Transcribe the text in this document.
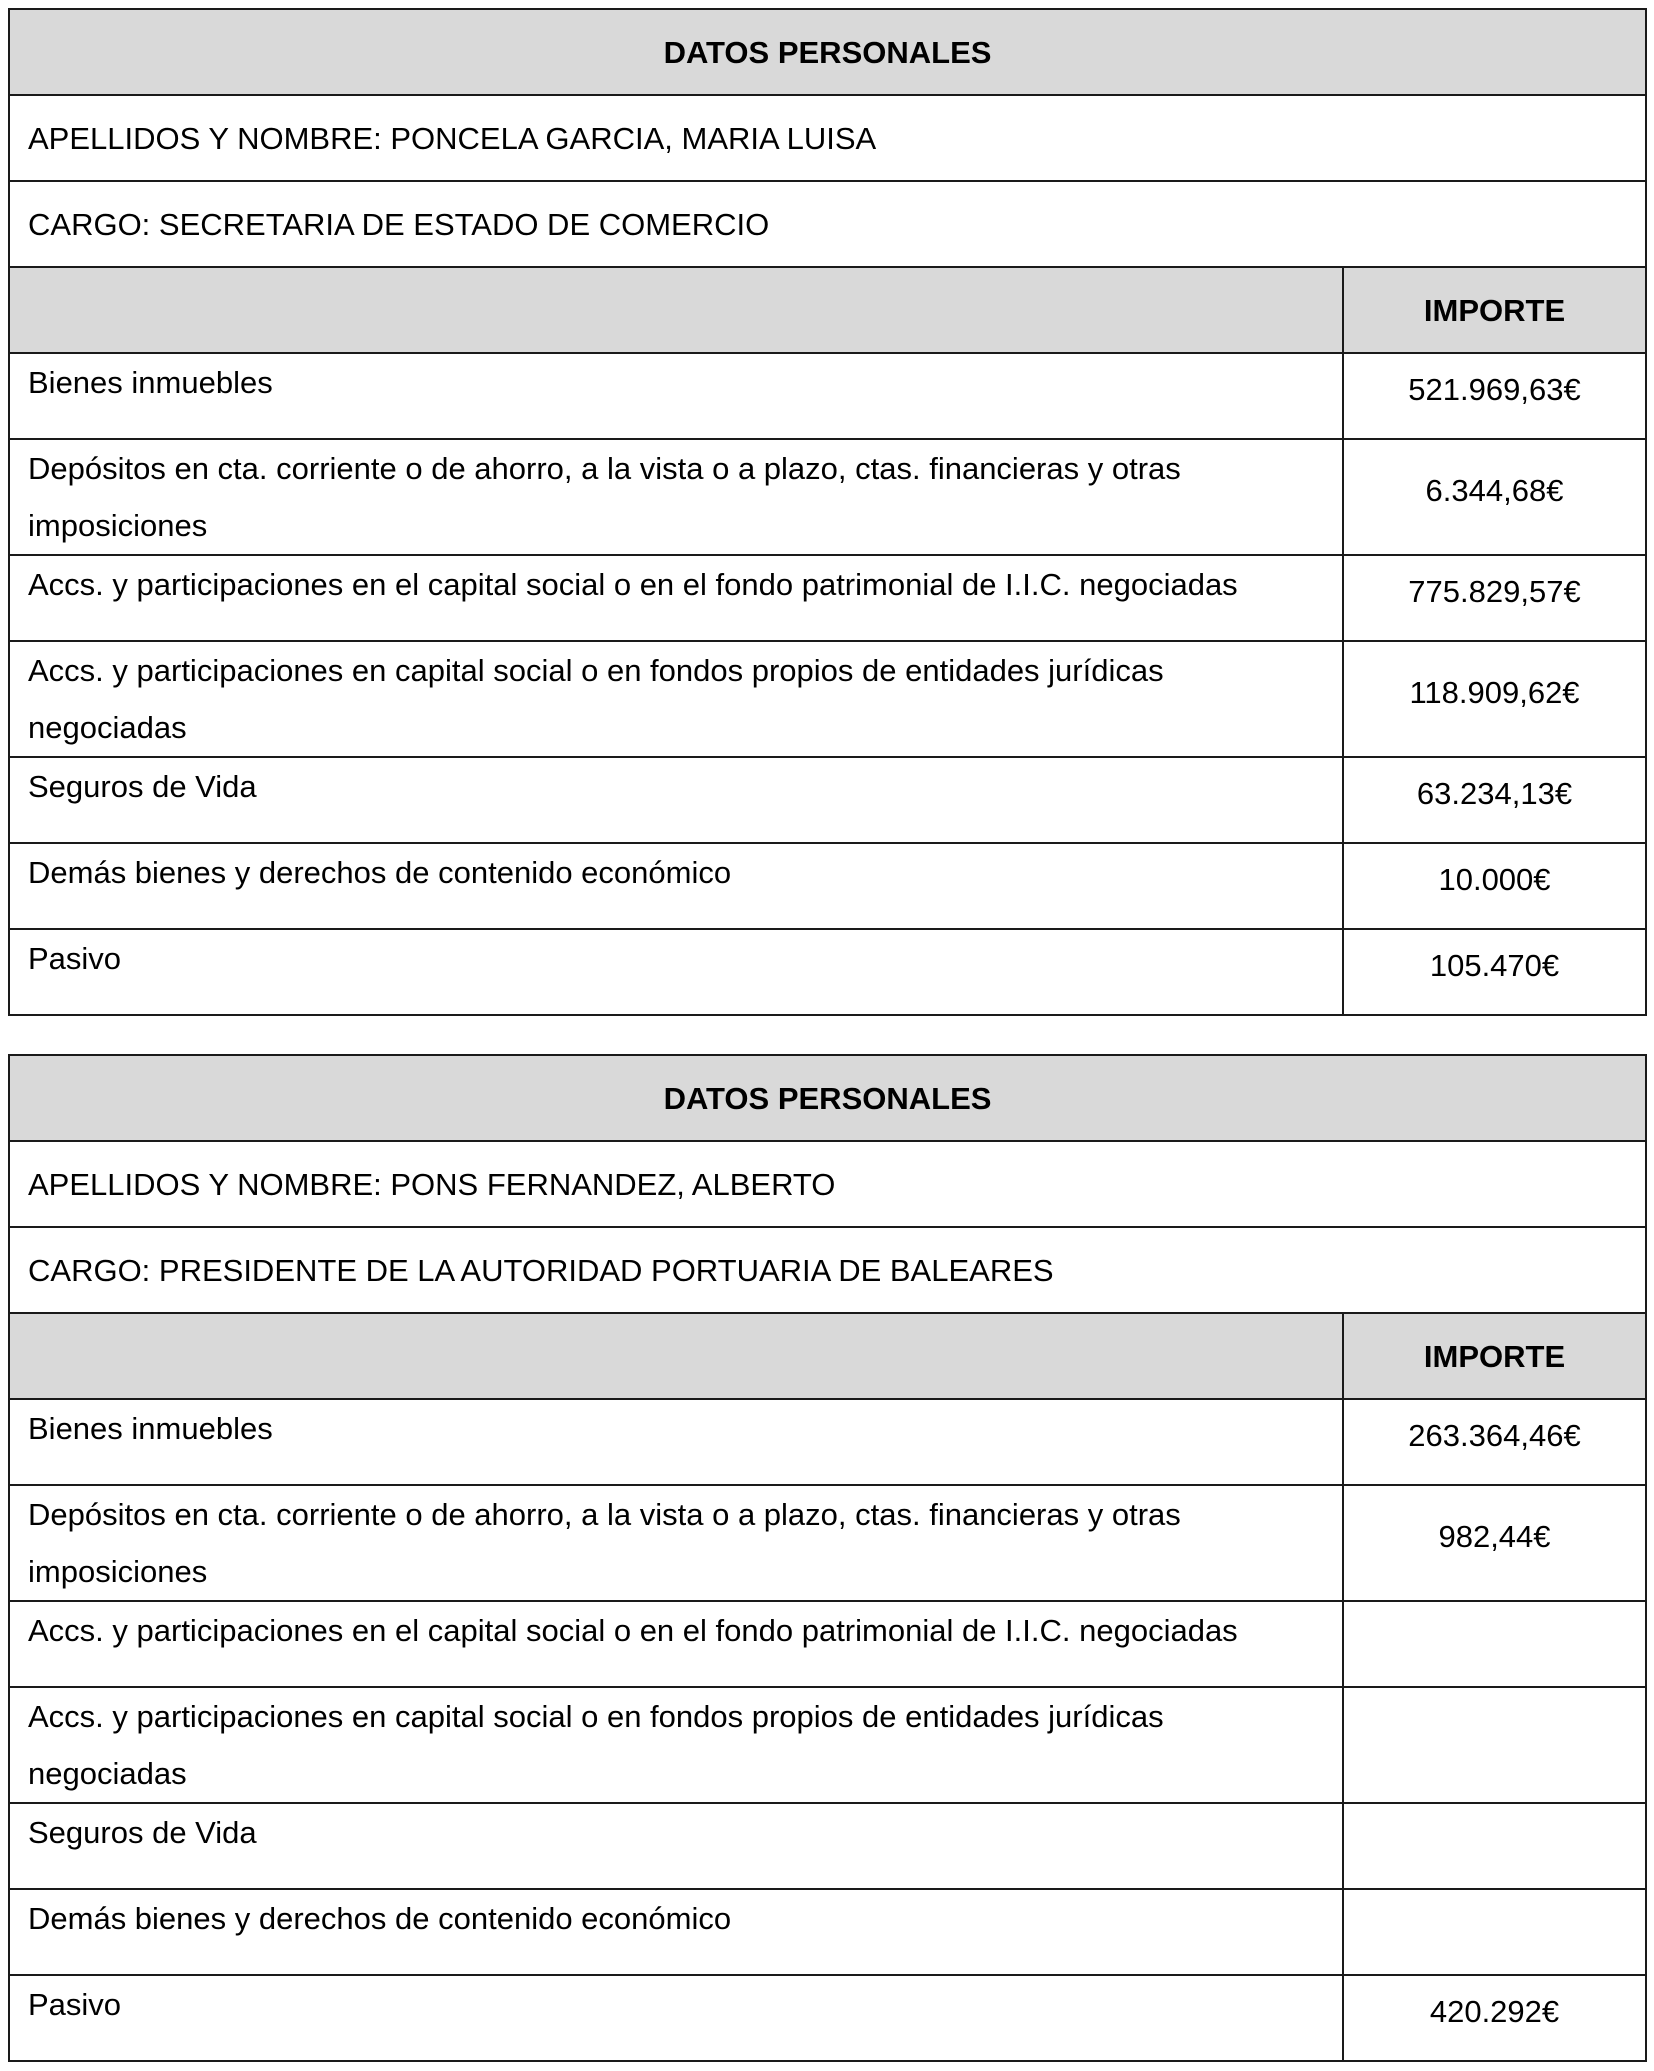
DATOS PERSONALES	
APELLIDOS Y NOMBRE: PONCELA GARCIA, MARIA LUISA	
CARGO: SECRETARIA DE ESTADO DE COMERCIO	
	IMPORTE
Bienes inmuebles	521.969,63€
Depósitos en cta. corriente o de ahorro, a la vista o a plazo, ctas. financieras y otras imposiciones	6.344,68€
Accs. y participaciones en el capital social o en el fondo patrimonial de I.I.C. negociadas	775.829,57€
Accs. y participaciones en capital social o en fondos propios de entidades jurídicas negociadas	118.909,62€
Seguros de Vida	63.234,13€
Demás bienes y derechos de contenido económico	10.000€
Pasivo	105.470€
DATOS PERSONALES	
APELLIDOS Y NOMBRE: PONS FERNANDEZ, ALBERTO	
CARGO: PRESIDENTE DE LA AUTORIDAD PORTUARIA DE BALEARES	
	IMPORTE
Bienes inmuebles	263.364,46€
Depósitos en cta. corriente o de ahorro, a la vista o a plazo, ctas. financieras y otras imposiciones	982,44€
Accs. y participaciones en el capital social o en el fondo patrimonial de I.I.C. negociadas	
Accs. y participaciones en capital social o en fondos propios de entidades jurídicas negociadas	
Seguros de Vida	
Demás bienes y derechos de contenido económico	
Pasivo	420.292€
